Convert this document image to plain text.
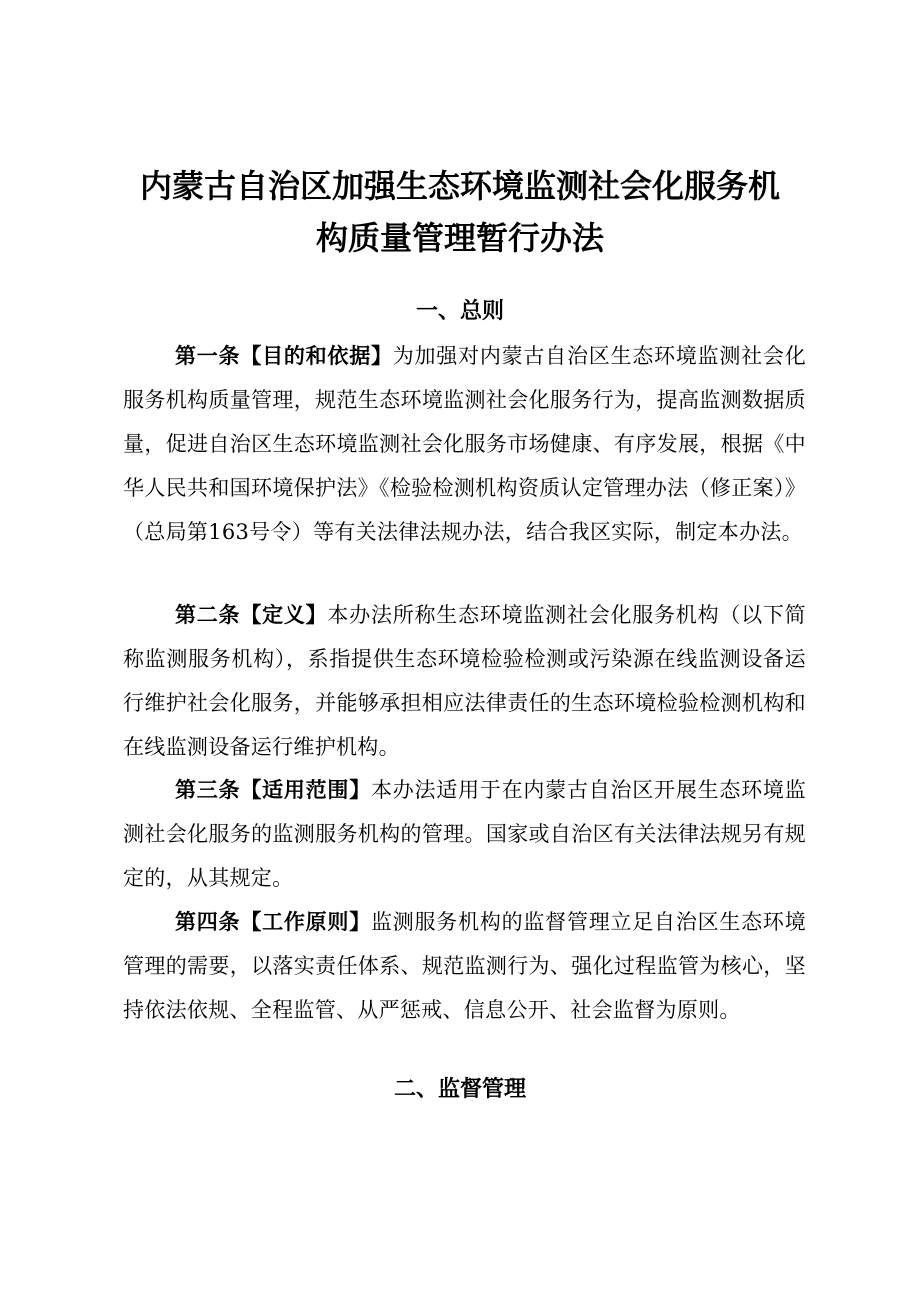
内蒙古自治区加强生态环境监测社会化服务机
构质量管理暂行办法
一、总则

第一条【目的和依据】为加强对内蒙古自治区生态环境监测社会化服务机构质量管理，规范生态环境监测社会化服务行为，提高监测数据质量，促进自治区生态环境监测社会化服务市场健康、有序发展，根据《中华人民共和国环境保护法》《检验检测机构资质认定管理办法（修正案）》（总局第163号令）等有关法律法规办法，结合我区实际，制定本办法。

第二条【定义】本办法所称生态环境监测社会化服务机构（以下简称监测服务机构），系指提供生态环境检验检测或污染源在线监测设备运行维护社会化服务，并能够承担相应法律责任的生态环境检验检测机构和在线监测设备运行维护机构。

第三条【适用范围】本办法适用于在内蒙古自治区开展生态环境监测社会化服务的监测服务机构的管理。国家或自治区有关法律法规另有规定的，从其规定。

第四条【工作原则】监测服务机构的监督管理立足自治区生态环境管理的需要，以落实责任体系、规范监测行为、强化过程监管为核心，坚持依法依规、全程监管、从严惩戒、信息公开、社会监督为原则。

二、监督管理
